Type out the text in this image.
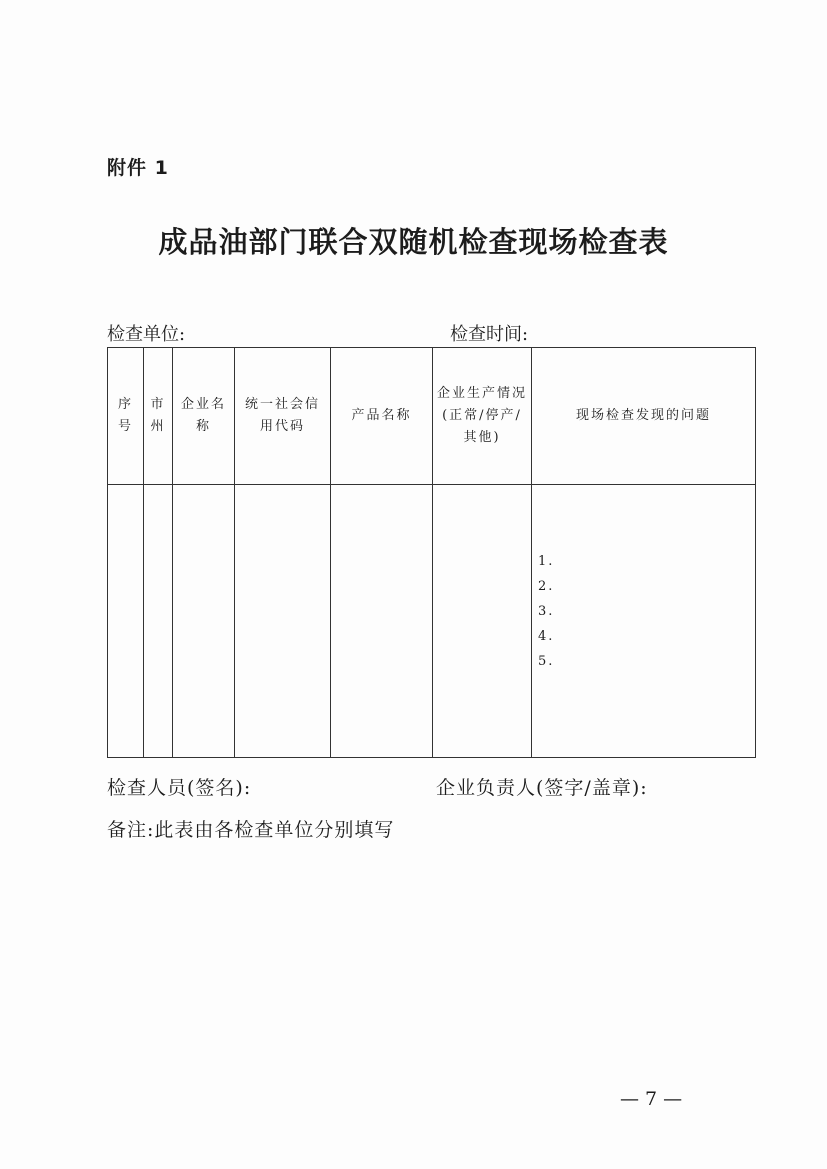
附件 1
成品油部门联合双随机检查现场检查表
检查单位:	检查时间:
序号	市州	企业名称	统一社会信用代码	产品名称	企业生产情况(正常/停产/其他)	现场检查发现的问题

						1.
2.
3.
4.
5.
检查人员(签名):	企业负责人(签字/盖章):
备注:此表由各检查单位分别填写
— 7 —
